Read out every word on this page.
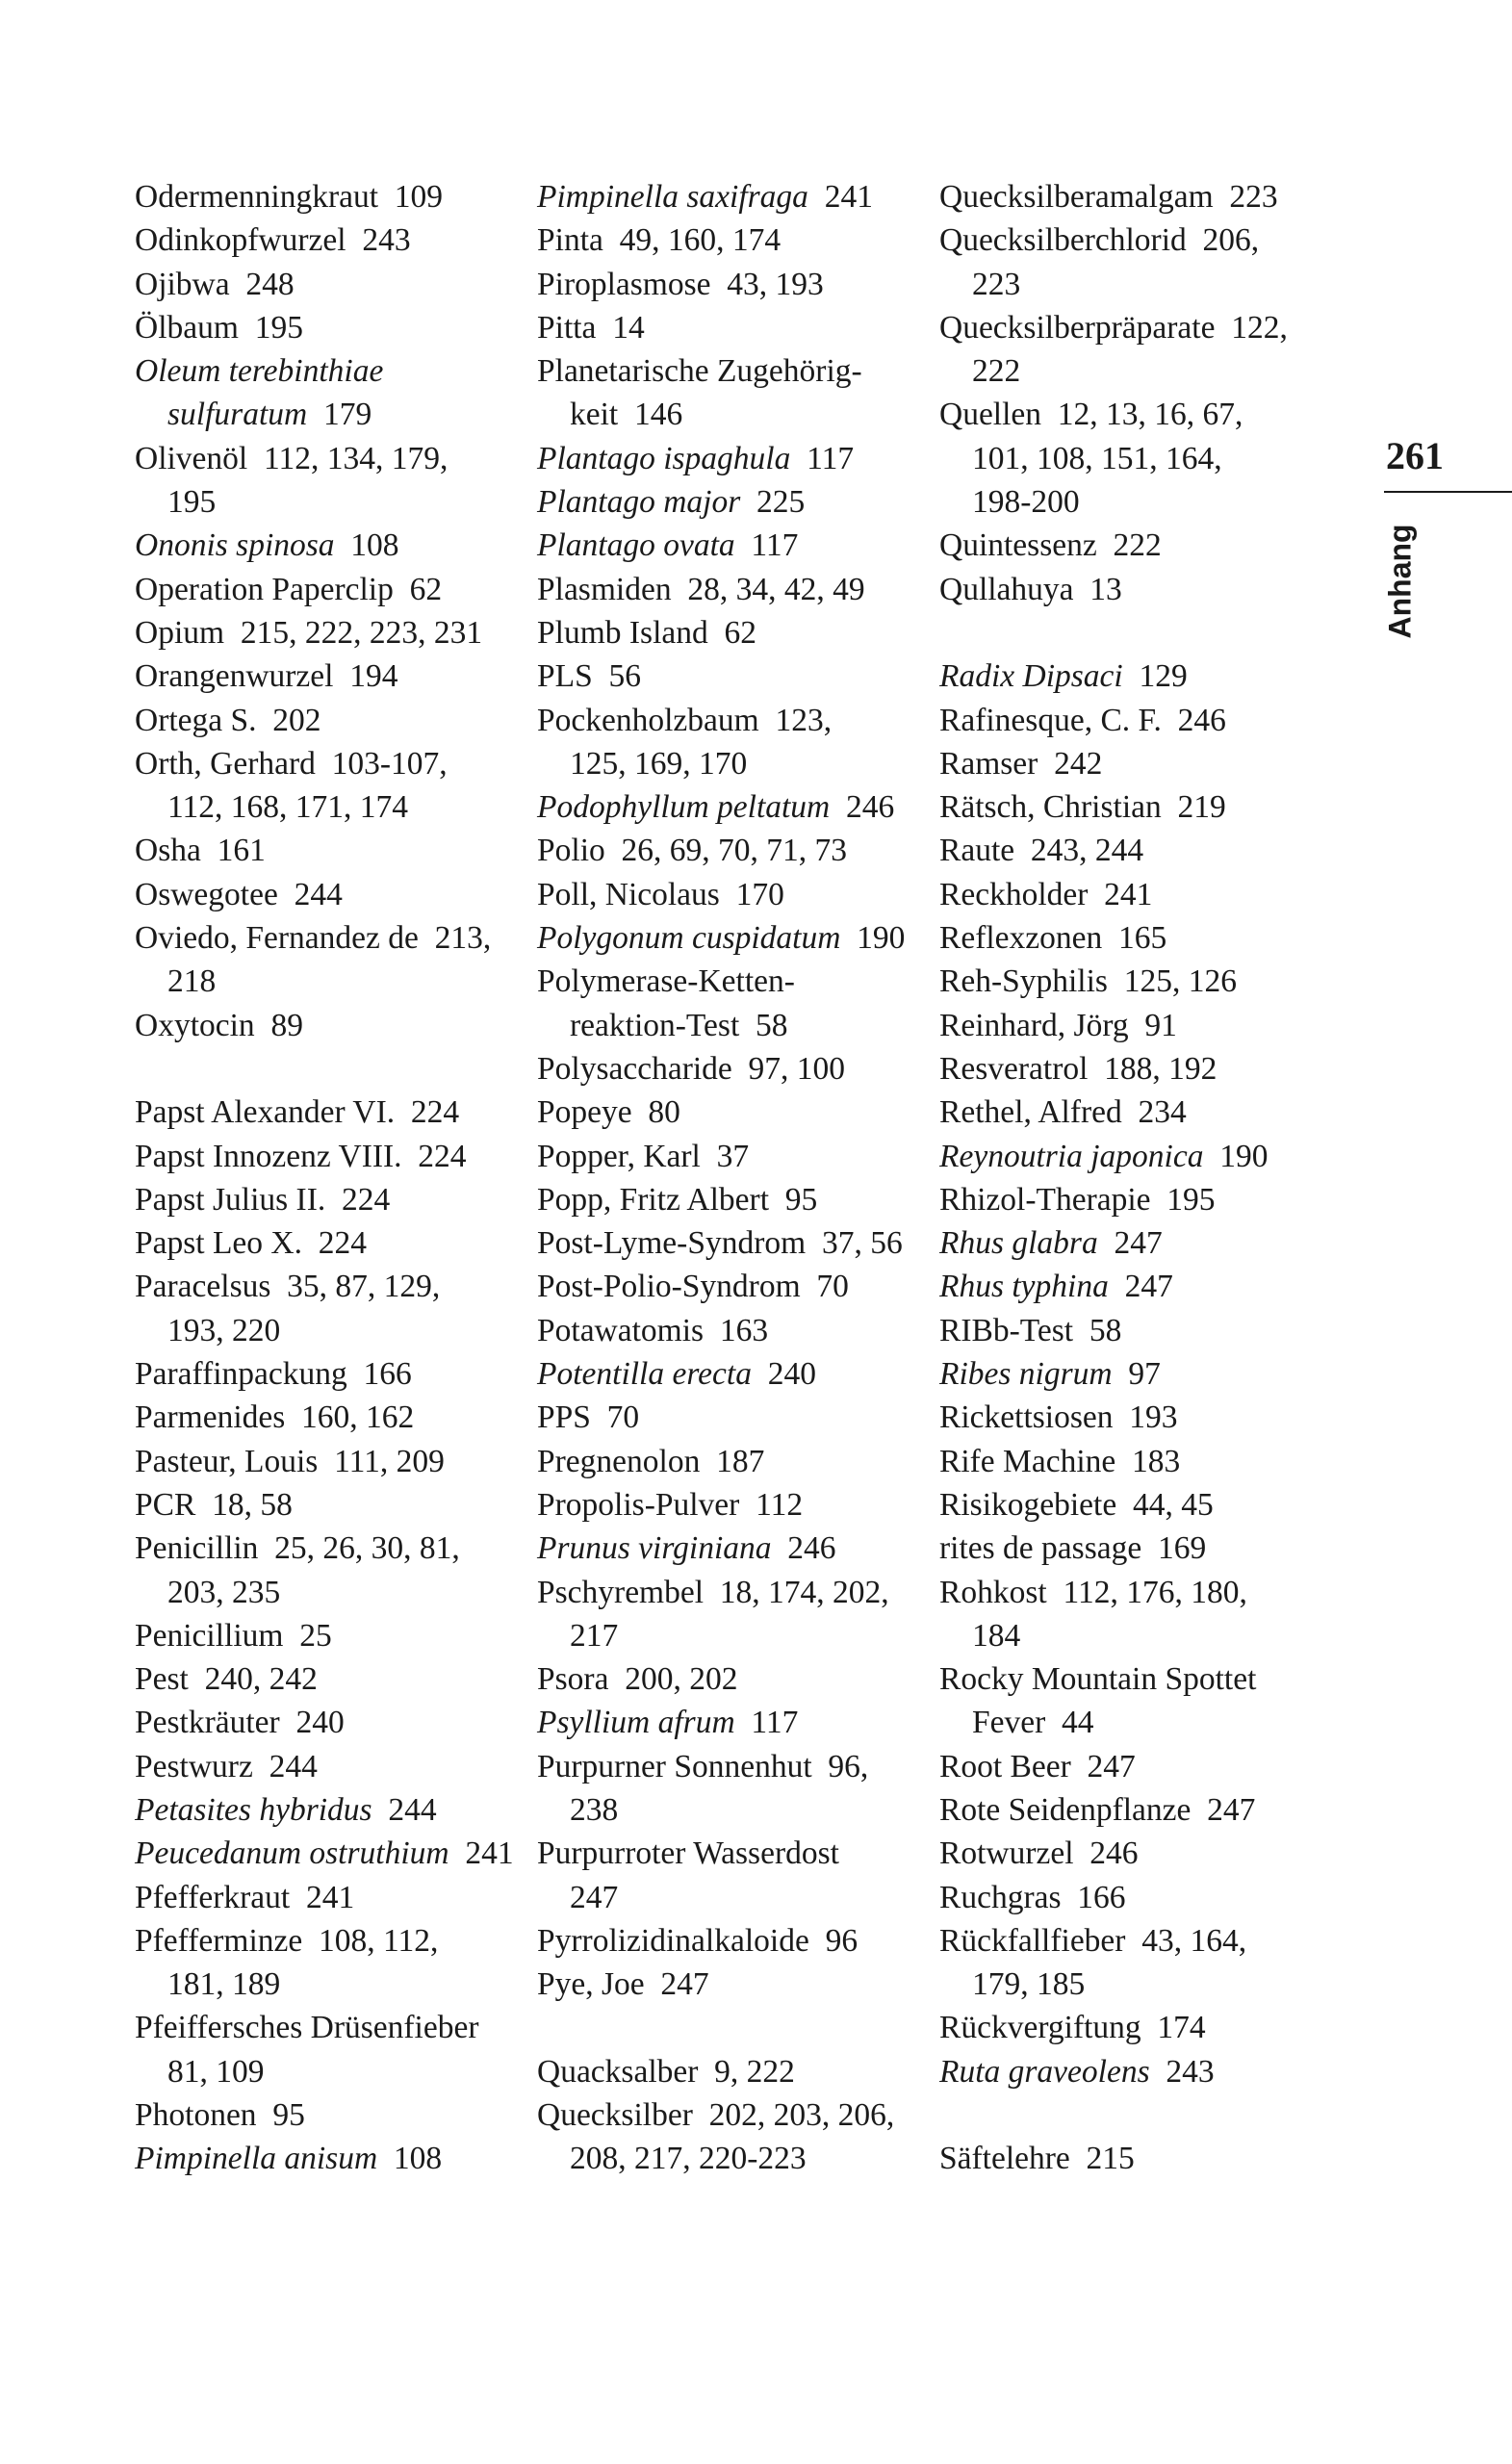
Odermenningkraut 109
Odinkopfwurzel 243
Ojibwa 248
Ölbaum 195
Oleum terebinthiae
sulfuratum 179
Olivenöl 112, 134, 179,
195
Ononis spinosa 108
Operation Paperclip 62
Opium 215, 222, 223, 231
Orangenwurzel 194
Ortega S. 202
Orth, Gerhard 103-107,
112, 168, 171, 174
Osha 161
Oswegotee 244
Oviedo, Fernandez de 213,
218
Oxytocin 89
Papst Alexander VI. 224
Papst Innozenz VIII. 224
Papst Julius II. 224
Papst Leo X. 224
Paracelsus 35, 87, 129,
193, 220
Paraffinpackung 166
Parmenides 160, 162
Pasteur, Louis 111, 209
PCR 18, 58
Penicillin 25, 26, 30, 81,
203, 235
Penicillium 25
Pest 240, 242
Pestkräuter 240
Pestwurz 244
Petasites hybridus 244
Peucedanum ostruthium 241
Pfefferkraut 241
Pfefferminze 108, 112,
181, 189
Pfeiffersches Drüsenfieber
81, 109
Photonen 95
Pimpinella anisum 108
Pimpinella saxifraga 241
Pinta 49, 160, 174
Piroplasmose 43, 193
Pitta 14
Planetarische Zugehörig-
keit 146
Plantago ispaghula 117
Plantago major 225
Plantago ovata 117
Plasmiden 28, 34, 42, 49
Plumb Island 62
PLS 56
Pockenholzbaum 123,
125, 169, 170
Podophyllum peltatum 246
Polio 26, 69, 70, 71, 73
Poll, Nicolaus 170
Polygonum cuspidatum 190
Polymerase-Ketten-
reaktion-Test 58
Polysaccharide 97, 100
Popeye 80
Popper, Karl 37
Popp, Fritz Albert 95
Post-Lyme-Syndrom 37, 56
Post-Polio-Syndrom 70
Potawatomis 163
Potentilla erecta 240
PPS 70
Pregnenolon 187
Propolis-Pulver 112
Prunus virginiana 246
Pschyrembel 18, 174, 202,
217
Psora 200, 202
Psyllium afrum 117
Purpurner Sonnenhut 96,
238
Purpurroter Wasserdost
247
Pyrrolizidinalkaloide 96
Pye, Joe 247
Quacksalber 9, 222
Quecksilber 202, 203, 206,
208, 217, 220-223
Quecksilberamalgam 223
Quecksilberchlorid 206,
223
Quecksilberpräparate 122,
222
Quellen 12, 13, 16, 67,
101, 108, 151, 164,
198-200
Quintessenz 222
Qullahuya 13
Radix Dipsaci 129
Rafinesque, C. F. 246
Ramser 242
Rätsch, Christian 219
Raute 243, 244
Reckholder 241
Reflexzonen 165
Reh-Syphilis 125, 126
Reinhard, Jörg 91
Resveratrol 188, 192
Rethel, Alfred 234
Reynoutria japonica 190
Rhizol-Therapie 195
Rhus glabra 247
Rhus typhina 247
RIBb-Test 58
Ribes nigrum 97
Rickettsiosen 193
Rife Machine 183
Risikogebiete 44, 45
rites de passage 169
Rohkost 112, 176, 180,
184
Rocky Mountain Spottet
Fever 44
Root Beer 247
Rote Seidenpflanze 247
Rotwurzel 246
Ruchgras 166
Rückfallfieber 43, 164,
179, 185
Rückvergiftung 174
Ruta graveolens 243
Säftelehre 215
261
Anhang
